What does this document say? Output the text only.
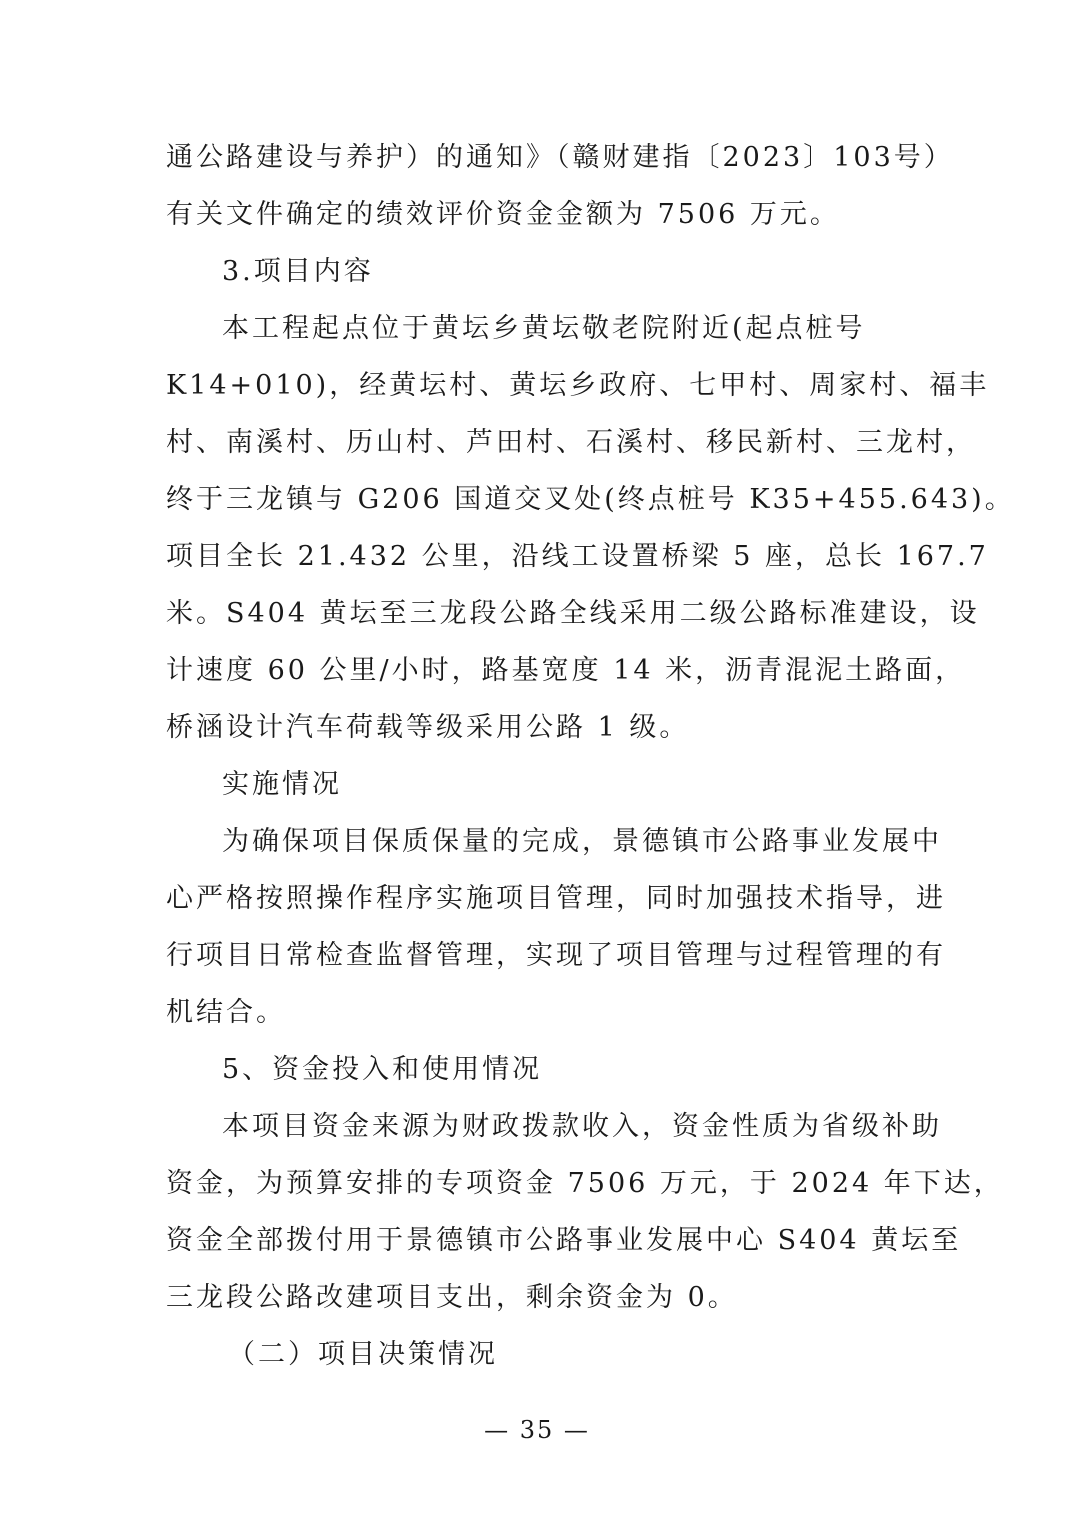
通公路建设与养护）的通知》（赣财建指〔2023〕103号）
有关文件确定的绩效评价资金金额为 7506 万元。
3.项目内容
本工程起点位于黄坛乡黄坛敬老院附近(起点桩号
K14+010)，经黄坛村、黄坛乡政府、七甲村、周家村、福丰
村、南溪村、历山村、芦田村、石溪村、移民新村、三龙村，
终于三龙镇与 G206 国道交叉处(终点桩号 K35+455.643)。
项目全长 21.432 公里，沿线工设置桥梁 5 座，总长 167.7
米。S404 黄坛至三龙段公路全线采用二级公路标准建设，设
计速度 60 公里/小时，路基宽度 14 米，沥青混泥土路面，
桥涵设计汽车荷载等级采用公路 1 级。
实施情况
为确保项目保质保量的完成，景德镇市公路事业发展中
心严格按照操作程序实施项目管理，同时加强技术指导，进
行项目日常检查监督管理，实现了项目管理与过程管理的有
机结合。
5、资金投入和使用情况
本项目资金来源为财政拨款收入，资金性质为省级补助
资金，为预算安排的专项资金 7506 万元，于 2024 年下达，
资金全部拨付用于景德镇市公路事业发展中心 S404 黄坛至
三龙段公路改建项目支出，剩余资金为 0。
（二）项目决策情况
— 35 —
